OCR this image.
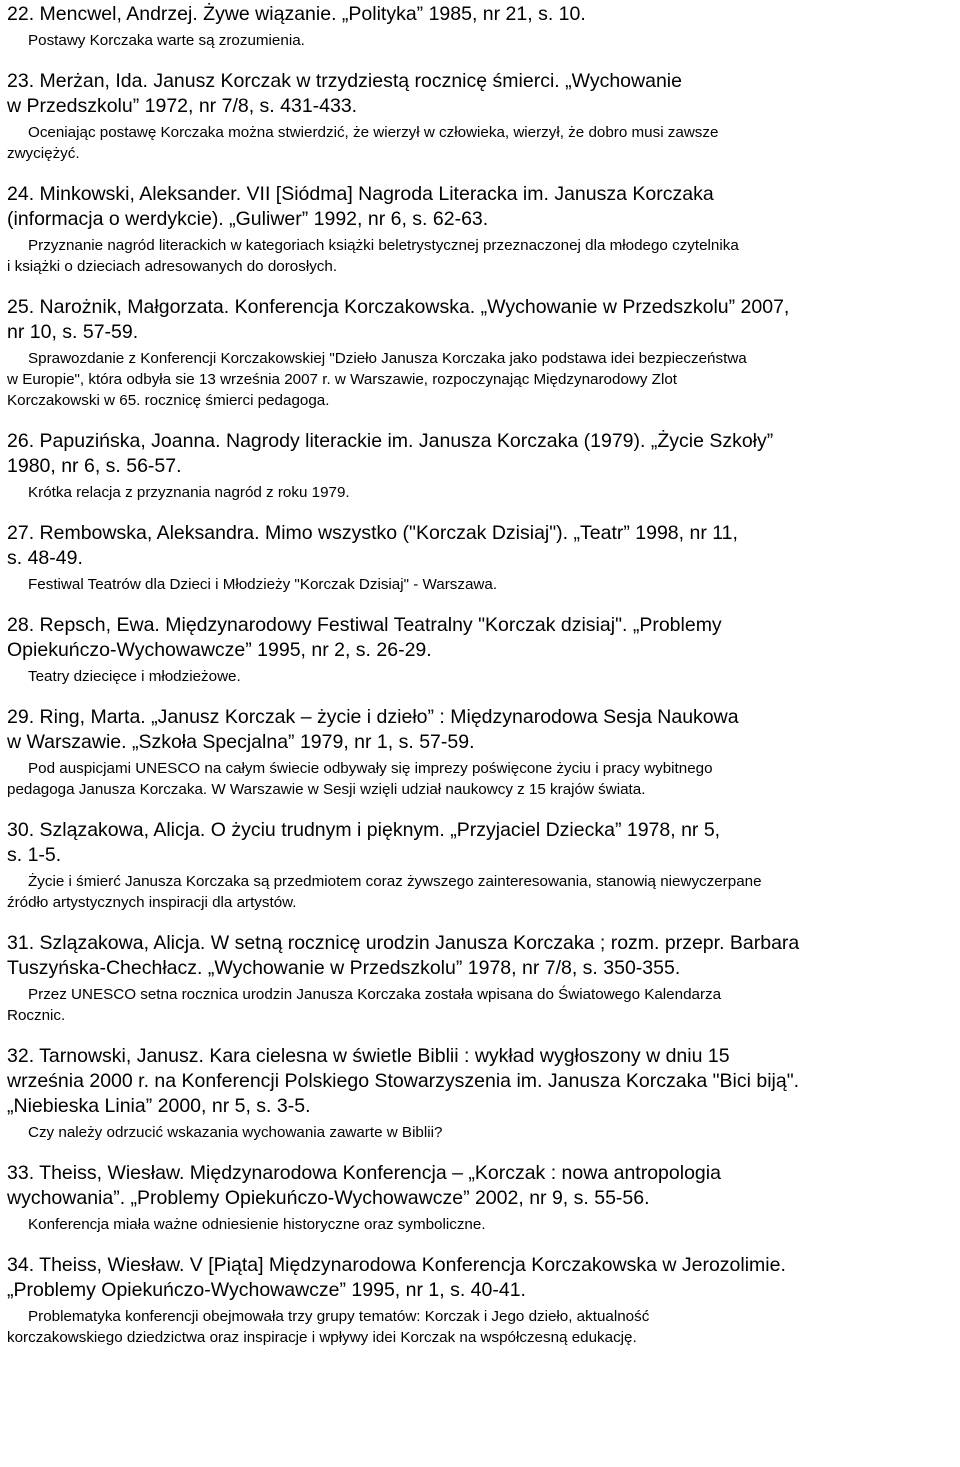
22. Mencwel, Andrzej. Żywe wiązanie. „Polityka” 1985, nr 21, s. 10.

Postawy Korczaka warte są zrozumienia.

23. Merżan, Ida. Janusz Korczak w trzydziestą rocznicę śmierci. „Wychowanie
w Przedszkolu” 1972, nr 7/8, s. 431-433.

Oceniając postawę Korczaka można stwierdzić, że wierzył w człowieka, wierzył, że dobro musi zawsze
zwyciężyć.

24. Minkowski, Aleksander. VII [Siódma] Nagroda Literacka im. Janusza Korczaka
(informacja o werdykcie). „Guliwer” 1992, nr 6, s. 62-63.

Przyznanie nagród literackich w kategoriach książki beletrystycznej przeznaczonej dla młodego czytelnika
i książki o dzieciach adresowanych do dorosłych.

25. Narożnik, Małgorzata. Konferencja Korczakowska. „Wychowanie w Przedszkolu” 2007,
nr 10, s. 57-59.

Sprawozdanie z Konferencji Korczakowskiej "Dzieło Janusza Korczaka jako podstawa idei bezpieczeństwa
w Europie", która odbyła sie 13 września 2007 r. w Warszawie, rozpoczynając Międzynarodowy Zlot
Korczakowski w 65. rocznicę śmierci pedagoga.

26. Papuzińska, Joanna. Nagrody literackie im. Janusza Korczaka (1979). „Życie Szkoły”
1980, nr 6, s. 56-57.

Krótka relacja z przyznania nagród z roku 1979.

27. Rembowska, Aleksandra. Mimo wszystko ("Korczak Dzisiaj"). „Teatr” 1998, nr 11,
s. 48-49.

Festiwal Teatrów dla Dzieci i Młodzieży "Korczak Dzisiaj" - Warszawa.

28. Repsch, Ewa. Międzynarodowy Festiwal Teatralny "Korczak dzisiaj". „Problemy
Opiekuńczo-Wychowawcze” 1995, nr 2, s. 26-29.

Teatry dziecięce i młodzieżowe.

29. Ring, Marta. „Janusz Korczak – życie i dzieło” : Międzynarodowa Sesja Naukowa
w Warszawie. „Szkoła Specjalna” 1979, nr 1, s. 57-59.

Pod auspicjami UNESCO na całym świecie odbywały się imprezy poświęcone życiu i pracy wybitnego
pedagoga Janusza Korczaka. W Warszawie w Sesji wzięli udział naukowcy z 15 krajów świata.

30. Szlązakowa, Alicja. O życiu trudnym i pięknym. „Przyjaciel Dziecka” 1978, nr 5,
s. 1-5.

Życie i śmierć Janusza Korczaka są przedmiotem coraz żywszego zainteresowania, stanowią niewyczerpane
źródło artystycznych inspiracji dla artystów.

31. Szlązakowa, Alicja. W setną rocznicę urodzin Janusza Korczaka ; rozm. przepr. Barbara
Tuszyńska-Chechłacz. „Wychowanie w Przedszkolu” 1978, nr 7/8, s. 350-355.

Przez UNESCO setna rocznica urodzin Janusza Korczaka została wpisana do Światowego Kalendarza
Rocznic.

32. Tarnowski, Janusz. Kara cielesna w świetle Biblii : wykład wygłoszony w dniu 15
września 2000 r. na Konferencji Polskiego Stowarzyszenia im. Janusza Korczaka "Bici biją".
„Niebieska Linia” 2000, nr 5, s. 3-5.

Czy należy odrzucić wskazania wychowania zawarte w Biblii?

33. Theiss, Wiesław. Międzynarodowa Konferencja – „Korczak : nowa antropologia
wychowania”. „Problemy Opiekuńczo-Wychowawcze” 2002, nr 9, s. 55-56.

Konferencja miała ważne odniesienie historyczne oraz symboliczne.

34. Theiss, Wiesław. V [Piąta] Międzynarodowa Konferencja Korczakowska w Jerozolimie.
„Problemy Opiekuńczo-Wychowawcze” 1995, nr 1, s. 40-41.

Problematyka konferencji obejmowała trzy grupy tematów: Korczak i Jego dzieło, aktualność
korczakowskiego dziedzictwa oraz inspiracje i wpływy idei Korczak na współczesną edukację.
